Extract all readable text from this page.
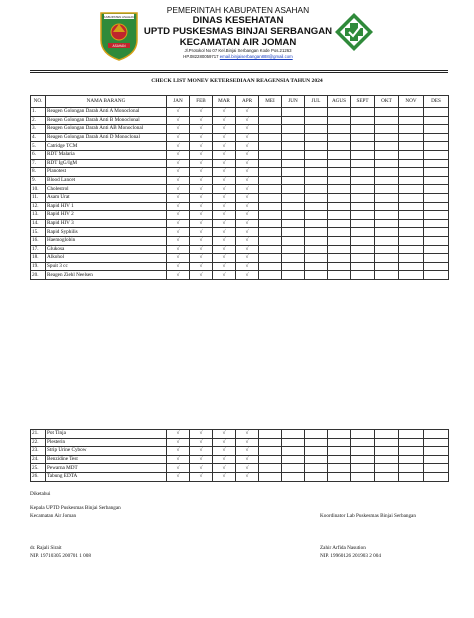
KABUPATEN ASAHAN
ASAHAN
PEMERINTAH KABUPATEN ASAHAN
DINAS KESEHATAN
UPTD PUSKESMAS BINJAI SERBANGAN
KECAMATAN AIR JOMAN
Jl.Protokol No 07 Kel.Binjai Serbangan Kode Pos.21263
HP.082280059717 email.binjaiserbangan888@gmail.com
CHECK LIST MONEV KETERSEDIAAN REAGENSIA TAHUN 2024
NO.	NAMA BARANG	JAN	FEB	MAR	APR	MEI	JUN	JUL	AGUS	SEPT	OKT	NOV	DES
1.	Reagen Golongan Darah Anti A Monoclonal	√	√	√	√								
2.	Reagen Golongan Darah Anti B Monoclonal	√	√	√	√								
3.	Reagen Golongan Darah Anti AB Monoclonal	√	√	√	√								
4.	Reagen Golongan Darah Anti D Monoclonal	√	√	√	√								
5.	Catridge TCM	√	√	√	√								
6.	RDT Malaria	√	√	√	√								
7.	RDT IgG/IgM	√	√	√	√								
8.	Planotest	√	√	√	√								
9.	Blood Lancet	√	√	√	√								
10.	Cholestrol	√	√	√	√								
11.	Asam Urat	√	√	√	√								
12.	Rapid HIV 1	√	√	√	√								
13.	Rapid HIV 2	√	√	√	√								
14.	Rapid HIV 3	√	√	√	√								
15.	Rapid Syphilis	√	√	√	√								
16.	Haemoglobin	√	√	√	√								
17.	Glukosa	√	√	√	√								
18.	Alkohol	√	√	√	√								
19.	Spuit 3 cc	√	√	√	√								
20.	Reagen Ziehl Neelsen	√	√	√	√								
21.	Pot Tinja	√	√	√	√								
22.	Plesterin	√	√	√	√								
23.	Strip Urine Cybow	√	√	√	√								
24.	Benzidine Test	√	√	√	√								
25.	Pewarna MDT	√	√	√	√								
26.	Tabung EDTA	√	√	√	√								
Diketahui
Kepala UPTD Puskesmas Binjai Serbangan
Kecamatan Air Joman	Koordinator Lab Puskesmas Binjai Serbangan
dr. Rajali Sirait
NIP. 19710305 200701 1 008
Zahir Arfida Nasution
NIP. 19960126 201903 2 004
